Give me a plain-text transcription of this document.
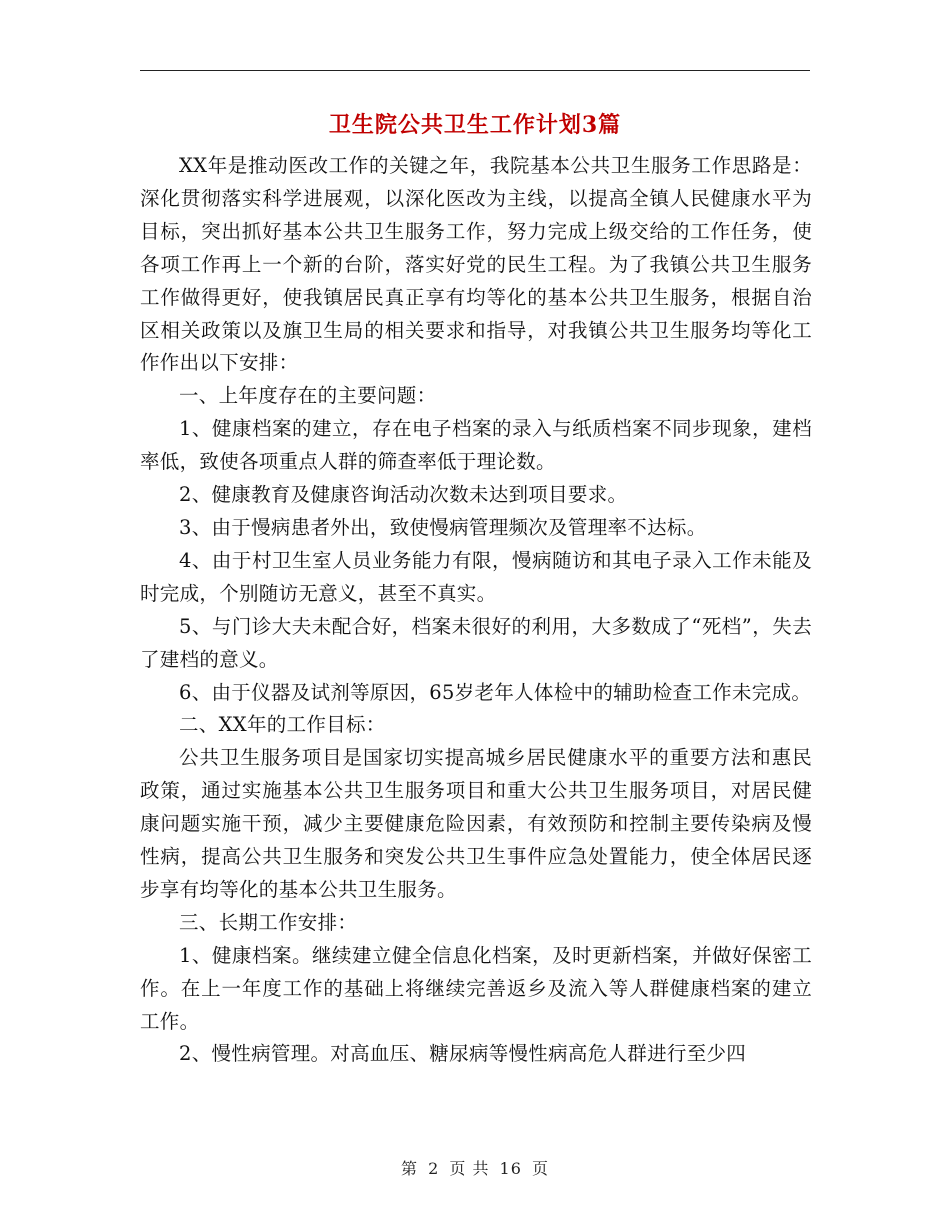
卫生院公共卫生工作计划3篇

XX年是推动医改工作的关键之年，我院基本公共卫生服务工作思路是：深化贯彻落实科学进展观，以深化医改为主线，以提高全镇人民健康水平为目标，突出抓好基本公共卫生服务工作，努力完成上级交给的工作任务，使各项工作再上一个新的台阶，落实好党的民生工程。为了我镇公共卫生服务工作做得更好，使我镇居民真正享有均等化的基本公共卫生服务，根据自治区相关政策以及旗卫生局的相关要求和指导，对我镇公共卫生服务均等化工作作出以下安排：

一、上年度存在的主要问题：

1、健康档案的建立，存在电子档案的录入与纸质档案不同步现象，建档率低，致使各项重点人群的筛查率低于理论数。

2、健康教育及健康咨询活动次数未达到项目要求。

3、由于慢病患者外出，致使慢病管理频次及管理率不达标。

4、由于村卫生室人员业务能力有限，慢病随访和其电子录入工作未能及时完成，个别随访无意义，甚至不真实。

5、与门诊大夫未配合好，档案未很好的利用，大多数成了“死档”，失去了建档的意义。

6、由于仪器及试剂等原因，65岁老年人体检中的辅助检查工作未完成。

二、XX年的工作目标：

公共卫生服务项目是国家切实提高城乡居民健康水平的重要方法和惠民政策，通过实施基本公共卫生服务项目和重大公共卫生服务项目，对居民健康问题实施干预，减少主要健康危险因素，有效预防和控制主要传染病及慢性病，提高公共卫生服务和突发公共卫生事件应急处置能力，使全体居民逐步享有均等化的基本公共卫生服务。

三、长期工作安排：

1、健康档案。继续建立健全信息化档案，及时更新档案，并做好保密工作。在上一年度工作的基础上将继续完善返乡及流入等人群健康档案的建立工作。

2、慢性病管理。对高血压、糖尿病等慢性病高危人群进行至少四

第 2 页 共 16 页
